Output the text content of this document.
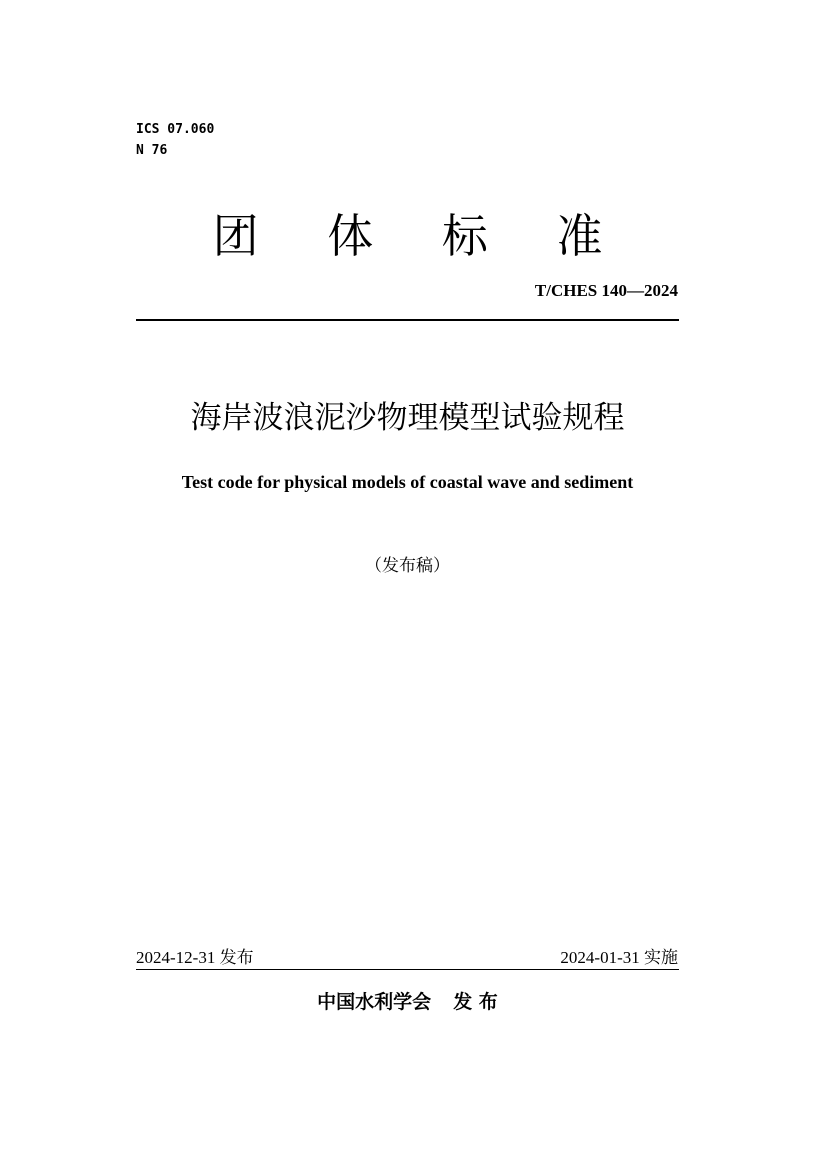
ICS 07.060
N 76
团 体 标 准
T/CHES 140—2024
海岸波浪泥沙物理模型试验规程
Test code for physical models of coastal wave and sediment
（发布稿）
2024-12-31 发布	2024-01-31 实施
中国水利学会 发 布
